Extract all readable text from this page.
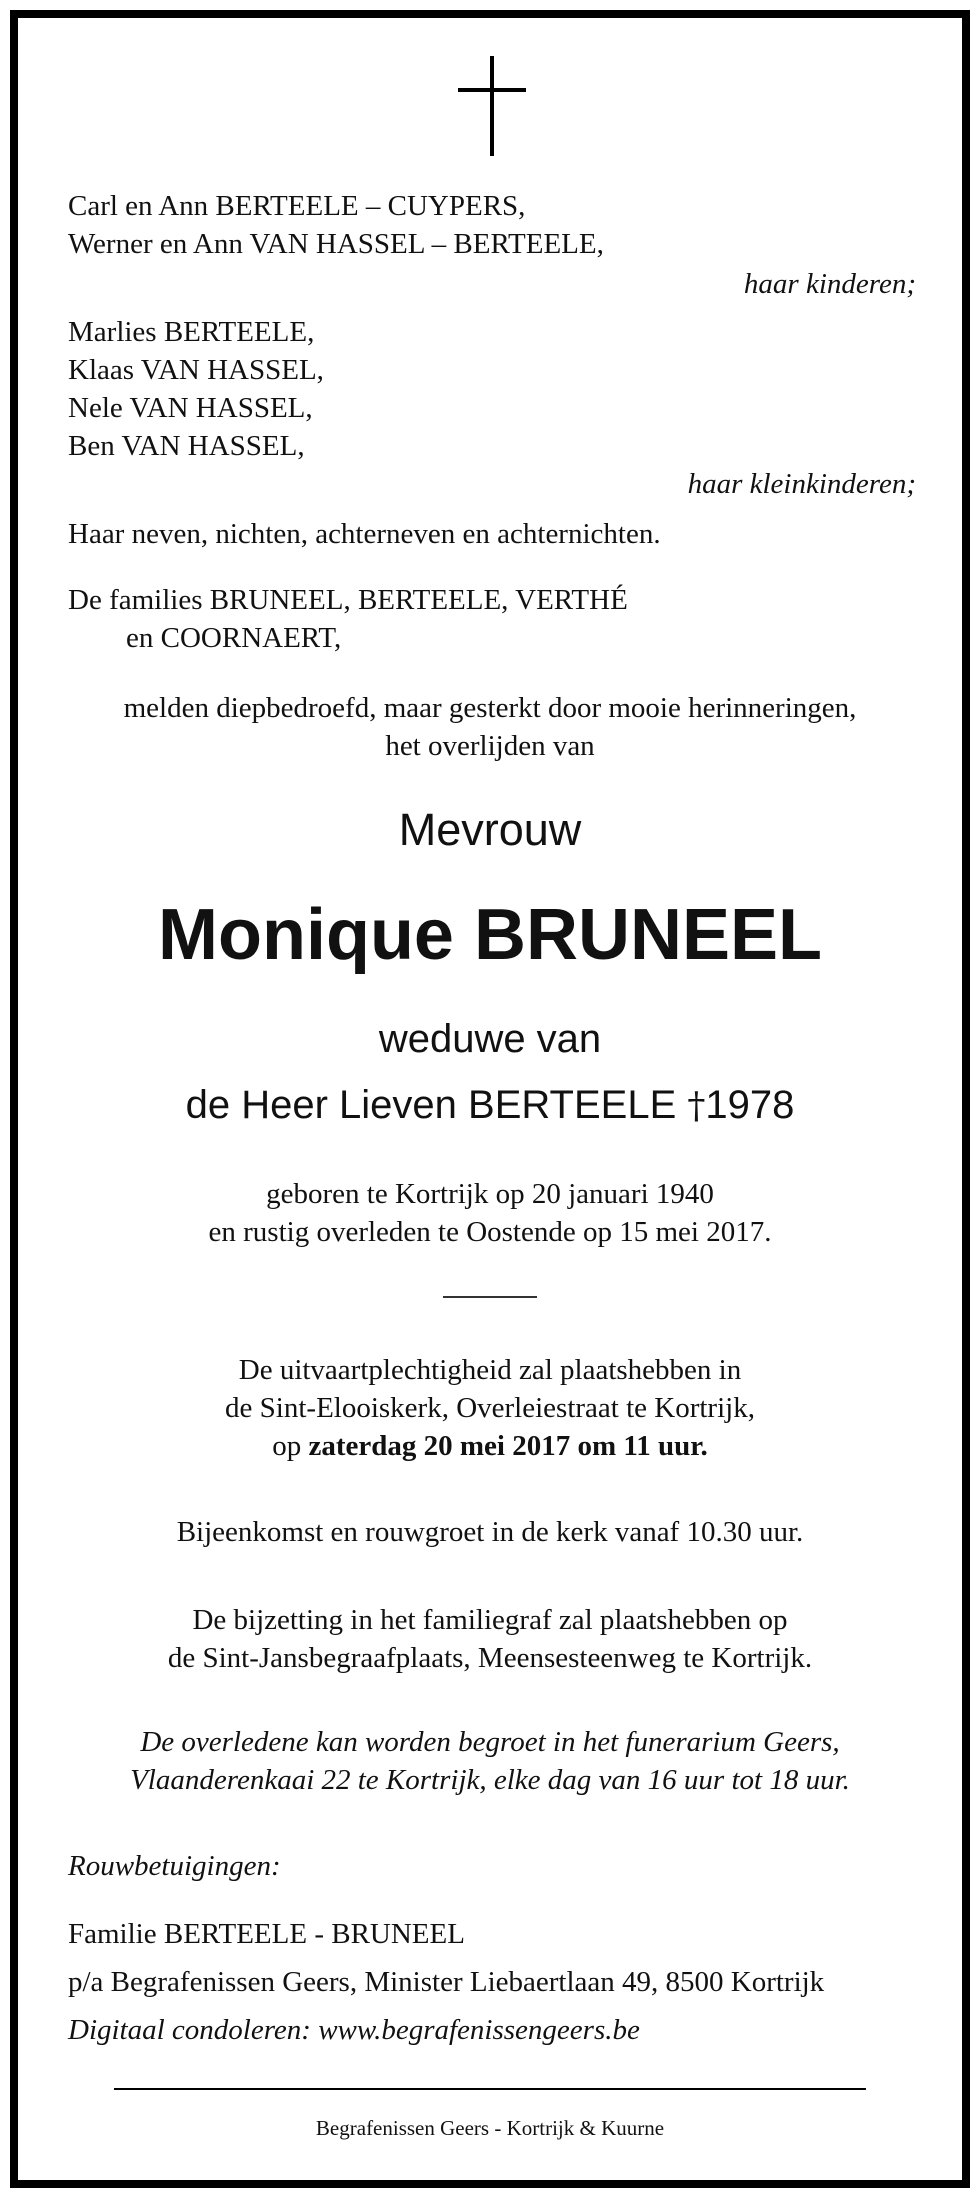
Carl en Ann BERTEELE – CUYPERS,
Werner en Ann VAN HASSEL – BERTEELE,
haar kinderen;
Marlies BERTEELE,
Klaas VAN HASSEL,
Nele VAN HASSEL,
Ben VAN HASSEL,
haar kleinkinderen;
Haar neven, nichten, achterneven en achternichten.
De families BRUNEEL, BERTEELE, VERTHÉ
en COORNAERT,
melden diepbedroefd, maar gesterkt door mooie herinneringen,
het overlijden van
Mevrouw
Monique BRUNEEL
weduwe van
de Heer Lieven BERTEELE †1978
geboren te Kortrijk op 20 januari 1940
en rustig overleden te Oostende op 15 mei 2017.
De uitvaartplechtigheid zal plaatshebben in
de Sint-Elooiskerk, Overleiestraat te Kortrijk,
op zaterdag 20 mei 2017 om 11 uur.
Bijeenkomst en rouwgroet in de kerk vanaf 10.30 uur.
De bijzetting in het familiegraf zal plaatshebben op
de Sint-Jansbegraafplaats, Meensesteenweg te Kortrijk.
De overledene kan worden begroet in het funerarium Geers,
Vlaanderenkaai 22 te Kortrijk, elke dag van 16 uur tot 18 uur.
Rouwbetuigingen:
Familie BERTEELE - BRUNEEL
p/a Begrafenissen Geers, Minister Liebaertlaan 49, 8500 Kortrijk
Digitaal condoleren: www.begrafenissengeers.be
Begrafenissen Geers - Kortrijk & Kuurne
